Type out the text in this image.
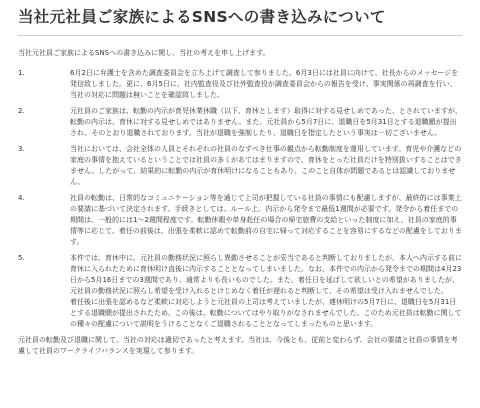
当社元社員ご家族によるSNSへの書き込みについて

当社元社員ご家族によるSNSへの書き込みに関し、当社の考えを申し上げます。

1.	6月2日に弁護士を含めた調査委員会を立ち上げて調査して参りました。6月3日には社員に向けて、社長からのメッセージを発信致しました。更に、6月5日に、社内監査役及び社外監査役が調査委員会からの報告を受け、事実関係の再調査を行い、当社の対応に問題は無いことを確認致しました。

2.	元社員のご家族は、転勤の内示が育児休業休職（以下、育休とします）取得に対する見せしめであった、とされていますが、転勤の内示は、育休に対する見せしめではありません。また、元社員から5月7日に、退職日を5月31日とする退職願が提出され、そのとおり退職されております。当社が退職を強制したり、退職日を指定したという事実は一切ございません。

3.	当社においては、会社全体の人員とそれぞれの社員のなすべき仕事の観点から転勤制度を運用しています。育児や介護などの家庭の事情を抱えているということでは社員の多くがあてはまりますので、育休をとった社員だけを特別扱いすることはできません。したがって、結果的に転勤の内示が育休明けになることもあり、このこと自体が問題であるとは認識しておりません。

4.	社員の転勤は、日常的なコミュニケーション等を通じて上司が把握している社員の事情にも配慮しますが、最終的には事業上の要請に基づいて決定されます。手続きとしては、ルール上、内示から発令まで最低1週間が必要です。発令から着任までの期間は、一般的には1～2週間程度です。転勤休暇や単身赴任の場合の帰宅旅費の支給といった制度に加え、社員の家庭的事情等に応じて、着任の前後は、出張を柔軟に認めて転勤前の自宅に帰って対応することを容易にするなどの配慮をしております。

5.	本件では、育休中に、元社員の勤務状況に照らし異動させることが妥当であると判断しておりましたが、本人へ内示する前に育休に入られたために育休明け直後に内示することとなってしまいました。なお、本件での内示から発令までの期間は4月23日から5月16日までの3週間であり、通常よりも長いものでした。また、着任日を延ばして欲しいとの希望がありましたが、元社員の勤務状況に照らし希望を受け入れるとけじめなく着任が遅れると判断して、その希望は受け入れませんでした。

着任後に出張を認めるなど柔軟に対応しようと元社員の上司は考えていましたが、連休明けの5月7日に、退職日を5月31日とする退職願が提出されたため、この後は、転勤についてはやり取りがなされませんでした。このため元社員は転勤に関しての種々の配慮について説明をうけることなくご退職されることとなってしまったものと思います。

元社員の転勤及び退職に関して、当社の対応は適切であったと考えます。当社は、今後とも、従前と変わらず、会社の要請と社員の事情を考慮して社員のワークライフバランスを実現して参ります。
